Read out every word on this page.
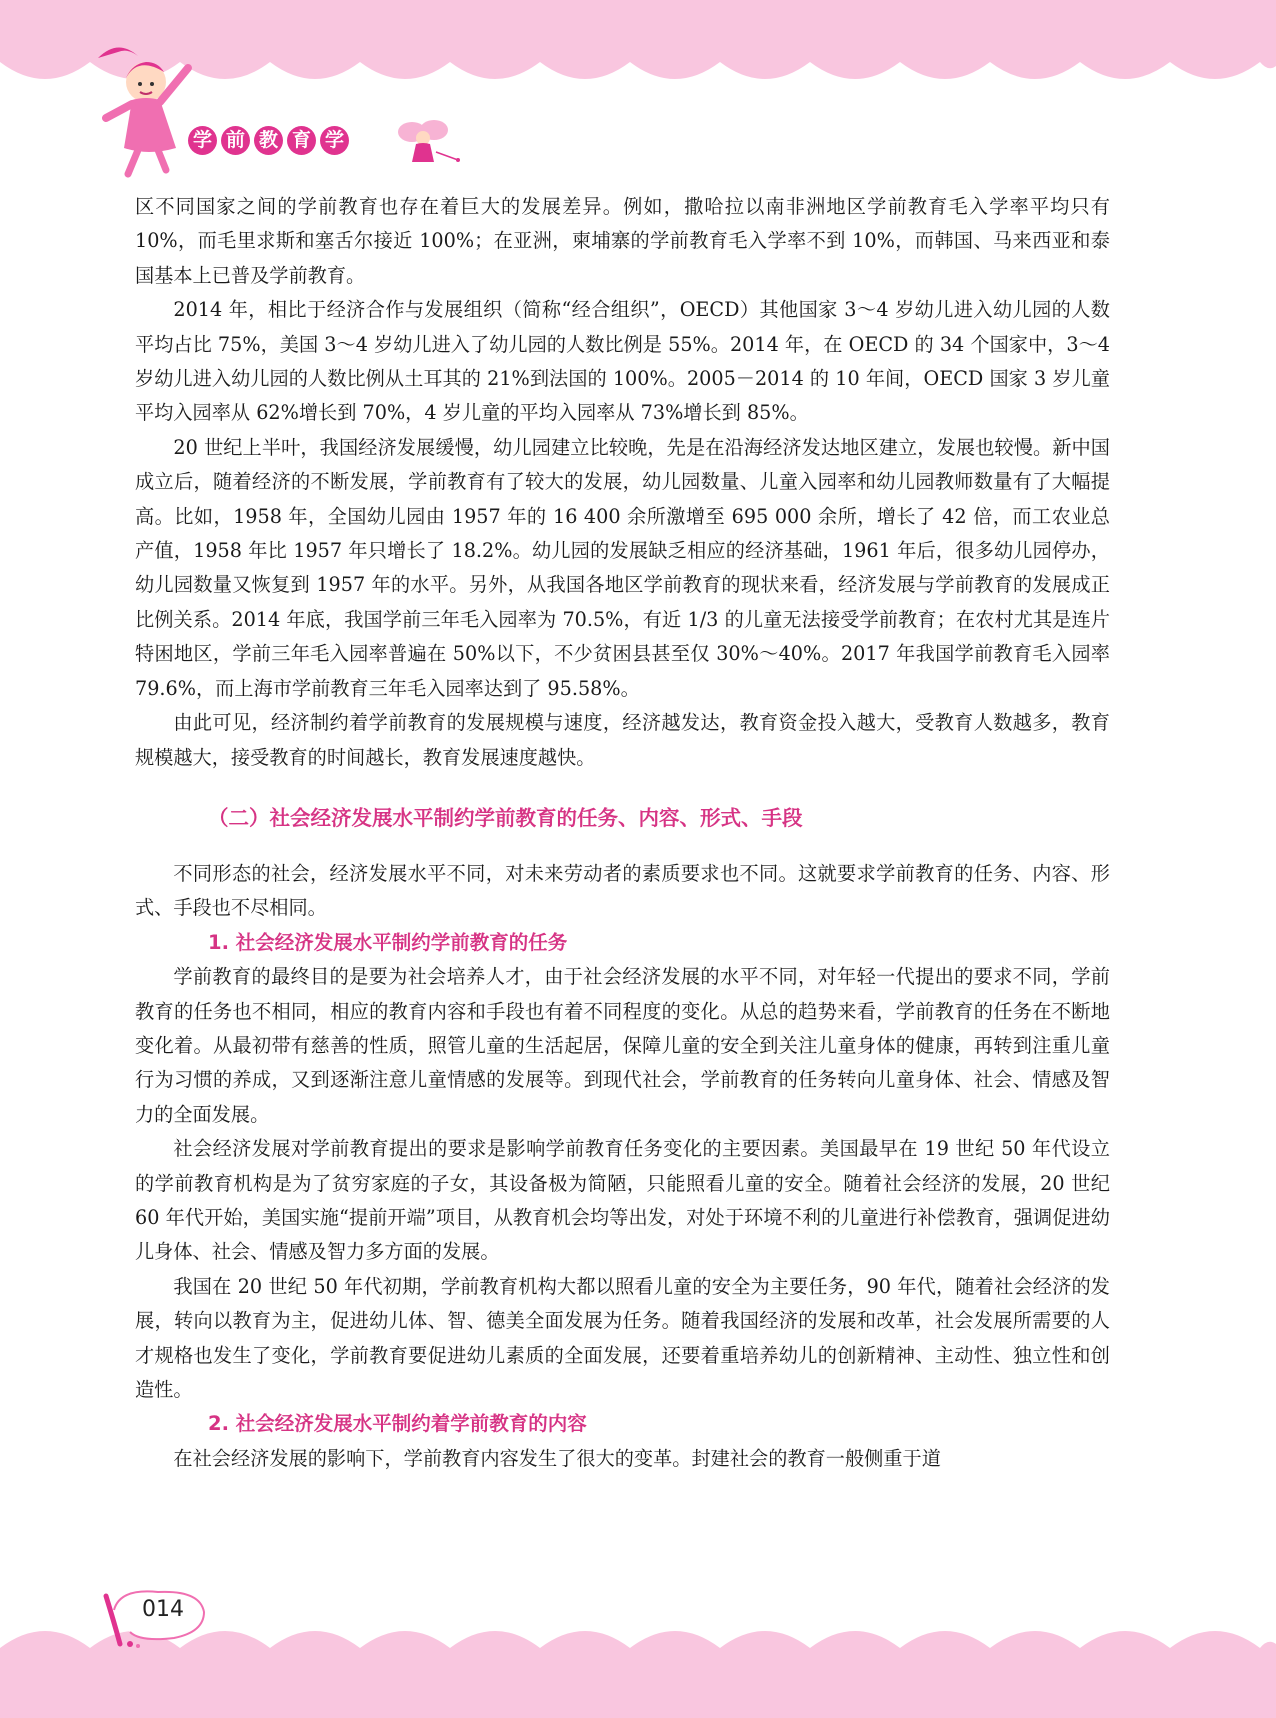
学 前 教 育 学

区不同国家之间的学前教育也存在着巨大的发展差异。例如，撒哈拉以南非洲地区学前教育毛入学率平均只有 10%，而毛里求斯和塞舌尔接近 100%；在亚洲，柬埔寨的学前教育毛入学率不到 10%，而韩国、马来西亚和泰国基本上已普及学前教育。

2014 年，相比于经济合作与发展组织（简称“经合组织”，OECD）其他国家 3～4 岁幼儿进入幼儿园的人数平均占比 75%，美国 3～4 岁幼儿进入了幼儿园的人数比例是 55%。2014 年，在 OECD 的 34 个国家中，3～4 岁幼儿进入幼儿园的人数比例从土耳其的 21%到法国的 100%。2005－2014 的 10 年间，OECD 国家 3 岁儿童平均入园率从 62%增长到 70%，4 岁儿童的平均入园率从 73%增长到 85%。

20 世纪上半叶，我国经济发展缓慢，幼儿园建立比较晚，先是在沿海经济发达地区建立，发展也较慢。新中国成立后，随着经济的不断发展，学前教育有了较大的发展，幼儿园数量、儿童入园率和幼儿园教师数量有了大幅提高。比如，1958 年，全国幼儿园由 1957 年的 16 400 余所激增至 695 000 余所，增长了 42 倍，而工农业总产值，1958 年比 1957 年只增长了 18.2%。幼儿园的发展缺乏相应的经济基础，1961 年后，很多幼儿园停办，幼儿园数量又恢复到 1957 年的水平。另外，从我国各地区学前教育的现状来看，经济发展与学前教育的发展成正比例关系。2014 年底，我国学前三年毛入园率为 70.5%，有近 1/3 的儿童无法接受学前教育；在农村尤其是连片特困地区，学前三年毛入园率普遍在 50%以下，不少贫困县甚至仅 30%～40%。2017 年我国学前教育毛入园率 79.6%，而上海市学前教育三年毛入园率达到了 95.58%。

由此可见，经济制约着学前教育的发展规模与速度，经济越发达，教育资金投入越大，受教育人数越多，教育规模越大，接受教育的时间越长，教育发展速度越快。

（二）社会经济发展水平制约学前教育的任务、内容、形式、手段

不同形态的社会，经济发展水平不同，对未来劳动者的素质要求也不同。这就要求学前教育的任务、内容、形式、手段也不尽相同。

1. 社会经济发展水平制约学前教育的任务

学前教育的最终目的是要为社会培养人才，由于社会经济发展的水平不同，对年轻一代提出的要求不同，学前教育的任务也不相同，相应的教育内容和手段也有着不同程度的变化。从总的趋势来看，学前教育的任务在不断地变化着。从最初带有慈善的性质，照管儿童的生活起居，保障儿童的安全到关注儿童身体的健康，再转到注重儿童行为习惯的养成，又到逐渐注意儿童情感的发展等。到现代社会，学前教育的任务转向儿童身体、社会、情感及智力的全面发展。

社会经济发展对学前教育提出的要求是影响学前教育任务变化的主要因素。美国最早在 19 世纪 50 年代设立的学前教育机构是为了贫穷家庭的子女，其设备极为简陋，只能照看儿童的安全。随着社会经济的发展，20 世纪 60 年代开始，美国实施“提前开端”项目，从教育机会均等出发，对处于环境不利的儿童进行补偿教育，强调促进幼儿身体、社会、情感及智力多方面的发展。

我国在 20 世纪 50 年代初期，学前教育机构大都以照看儿童的安全为主要任务，90 年代，随着社会经济的发展，转向以教育为主，促进幼儿体、智、德美全面发展为任务。随着我国经济的发展和改革，社会发展所需要的人才规格也发生了变化，学前教育要促进幼儿素质的全面发展，还要着重培养幼儿的创新精神、主动性、独立性和创造性。

2. 社会经济发展水平制约着学前教育的内容

在社会经济发展的影响下，学前教育内容发生了很大的变革。封建社会的教育一般侧重于道

014
